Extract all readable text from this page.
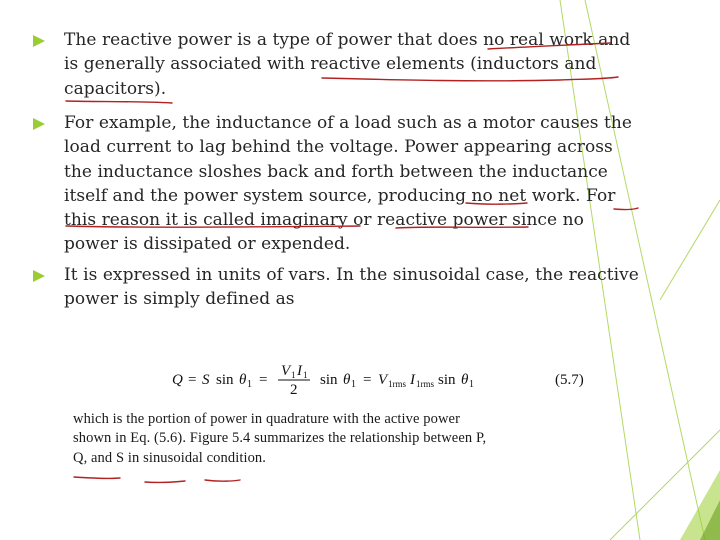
The reactive power is a type of power that does no real work and
is generally associated with reactive elements (inductors and
capacitors).
For example, the inductance of a load such as a motor causes the
load current to lag behind the voltage. Power appearing across
the inductance sloshes back and forth between the inductance
itself and the power system source, producing no net work. For
this reason it is called imaginary or reactive power since no
power is dissipated or expended.
It is expressed in units of vars. In the sinusoidal case, the reactive
power is simply defined as
Q = S sin θ 1 =
V 1 I 1
2
sin θ 1 = V 1rms I 1rms sin θ 1	(5.7)
which is the portion of power in quadrature with the active power
shown in Eq. (5.6). Figure 5.4 summarizes the relationship between P,
Q, and S in sinusoidal condition.
